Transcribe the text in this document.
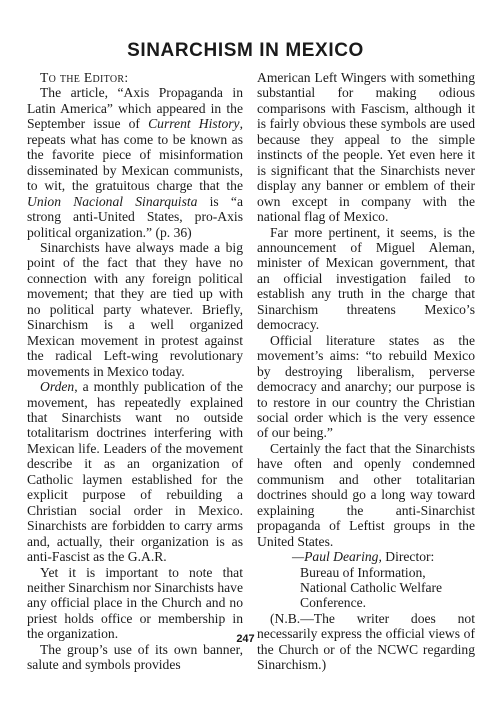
SINARCHISM IN MEXICO

To the Editor:

The article, “Axis Propaganda in Latin America” which appeared in the September issue of Current History, repeats what has come to be known as the favorite piece of misinformation disseminated by Mexican communists, to wit, the gratuitous charge that the Union Nacional Sinarquista is “a strong anti-United States, pro-Axis political organization.” (p. 36)

Sinarchists have always made a big point of the fact that they have no connection with any foreign political movement; that they are tied up with no political party whatever. Briefly, Sinarchism is a well organized Mexican movement in protest against the radical Left-wing revolutionary movements in Mexico today.

Orden, a monthly publication of the movement, has repeatedly explained that Sinarchists want no outside totalitarism doctrines interfering with Mexican life. Leaders of the movement describe it as an organization of Catholic laymen established for the explicit purpose of rebuilding a Christian social order in Mexico. Sinarchists are forbidden to carry arms and, actually, their organization is as anti-Fascist as the G.A.R.

Yet it is important to note that neither Sinarchism nor Sinarchists have any official place in the Church and no priest holds office or membership in the organization.

The group’s use of its own banner, salute and symbols provides

American Left Wingers with something substantial for making odious comparisons with Fascism, although it is fairly obvious these symbols are used because they appeal to the simple instincts of the people. Yet even here it is significant that the Sinarchists never display any banner or emblem of their own except in company with the national flag of Mexico.

Far more pertinent, it seems, is the announcement of Miguel Aleman, minister of Mexican government, that an official investigation failed to establish any truth in the charge that Sinarchism threatens Mexico’s democracy.

Official literature states as the movement’s aims: “to rebuild Mexico by destroying liberalism, perverse democracy and anarchy; our purpose is to restore in our country the Christian social order which is the very essence of our being.”

Certainly the fact that the Sinarchists have often and openly condemned communism and other totalitarian doctrines should go a long way toward explaining the anti-Sinarchist propaganda of Leftist groups in the United States.

—Paul Dearing, Director:

Bureau of Information,

National Catholic Welfare

Conference.

(N.B.—The writer does not necessarily express the official views of the Church or of the NCWC regarding Sinarchism.)

247
